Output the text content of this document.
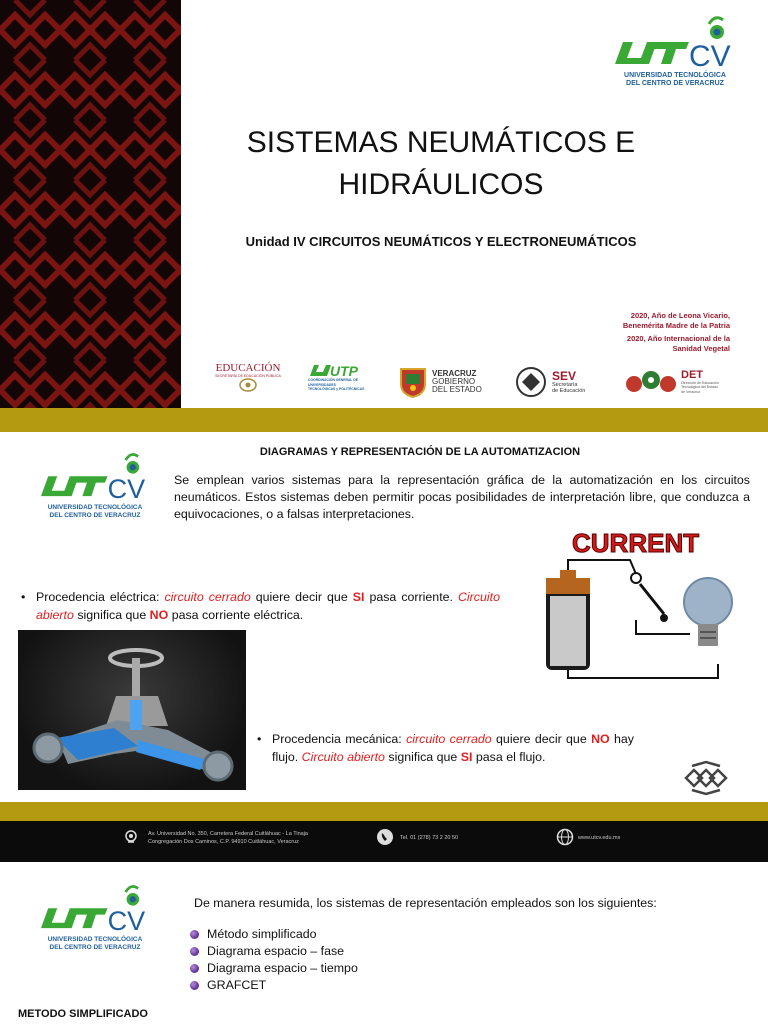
CV
UNIVERSIDAD TECNOLÓGICA
DEL CENTRO DE VERACRUZ
SISTEMAS NEUMÁTICOS E
HIDRÁULICOS
Unidad IV CIRCUITOS NEUMÁTICOS Y ELECTRONEUMÁTICOS
2020, Año de Leona Vicario,
Benemérita Madre de la Patria
2020, Año Internacional de la
Sanidad Vegetal
EDUCACIÓN
SECRETARÍA DE EDUCACIÓN PÚBLICA	UTP
COORDINACIÓN GENERAL DE UNIVERSIDADES
TECNOLÓGICAS y POLITÉCNICAS
VERACRUZ
GOBIERNO
DEL ESTADO
SEV
Secretaría
de Educación
DET
Dirección de Educación
Tecnológica del Estado
de Veracruz
DIAGRAMAS Y REPRESENTACIÓN DE LA AUTOMATIZACION
CV
UNIVERSIDAD TECNOLÓGICA
DEL CENTRO DE VERACRUZ
Se emplean varios sistemas para la representación gráfica de la automatización en los circuitos neumáticos. Estos sistemas deben permitir pocas posibilidades de interpretación libre, que conduzca a equivocaciones, o a falsas interpretaciones.
CURRENT
• Procedencia eléctrica: circuito cerrado quiere decir que SI pasa corriente. Circuito abierto significa que NO pasa corriente eléctrica.
• Procedencia mecánica: circuito cerrado quiere decir que NO hay flujo. Circuito abierto significa que SI pasa el flujo.
Av. Universidad No. 350, Carretera Federal Cuitláhuac - La Tinaja
Congregación Dos Caminos, C.P. 94910 Cuitláhuac, Veracruz
Tel. 01 (278) 73 2 20 50	www.utcv.edu.mx
CV
UNIVERSIDAD TECNOLÓGICA
DEL CENTRO DE VERACRUZ
De manera resumida, los sistemas de representación empleados son los siguientes:
Método simplificado
Diagrama espacio – fase
Diagrama espacio – tiempo
GRAFCET
METODO SIMPLIFICADO
